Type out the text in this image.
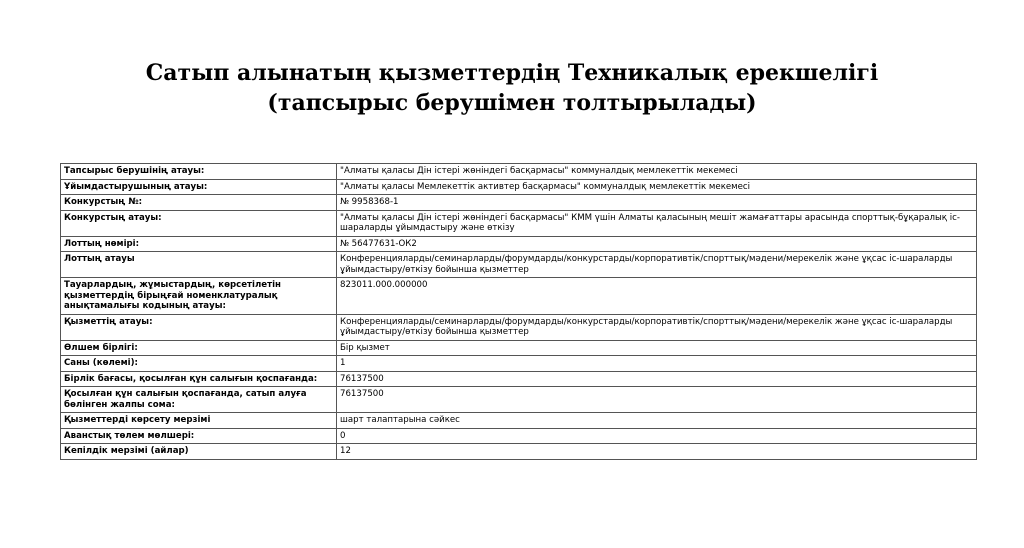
Сатып алынатың қызметтердің Техникалық ерекшелігі
(тапсырыс берушімен толтырылады)
Тапсырыс берушінің атауы:	"Алматы қаласы Дін істері жөніндегі басқармасы" коммуналдық мемлекеттік мекемесі
Ұйымдастырушының атауы:	"Алматы қаласы Мемлекеттік активтер басқармасы" коммуналдық мемлекеттік мекемесі
Конкурстың №:	№ 9958368-1
Конкурстың атауы:	"Алматы қаласы Дін істері жөніндегі басқармасы" КММ үшін Алматы қаласының мешіт жамағаттары арасында спорттық-бұқаралық іс-шараларды ұйымдастыру және өткізу
Лоттың нөмірі:	№ 56477631-ОК2
Лоттың атауы	Конференцияларды/семинарларды/форумдарды/конкурстарды/корпоративтік/спорттық/мәдени/мерекелік және ұқсас іс-шараларды ұйымдастыру/өткізу бойынша қызметтер
Тауарлардың, жұмыстардың, көрсетілетін қызметтердің бірыңғай номенклатуралық анықтамалығы кодының атауы:	823011.000.000000
Қызметтің атауы:	Конференцияларды/семинарларды/форумдарды/конкурстарды/корпоративтік/спорттық/мәдени/мерекелік және ұқсас іс-шараларды ұйымдастыру/өткізу бойынша қызметтер
Өлшем бірлігі:	Бір қызмет
Саны (көлемі):	1
Бірлік бағасы, қосылған құн салығын қоспағанда:	76137500
Қосылған құн салығын қоспағанда, сатып алуға бөлінген жалпы сома:	76137500
Қызметтерді көрсету мерзімі	шарт талаптарына сәйкес
Аванстық төлем мөлшері:	0
Кепілдік мерзімі (айлар)	12
